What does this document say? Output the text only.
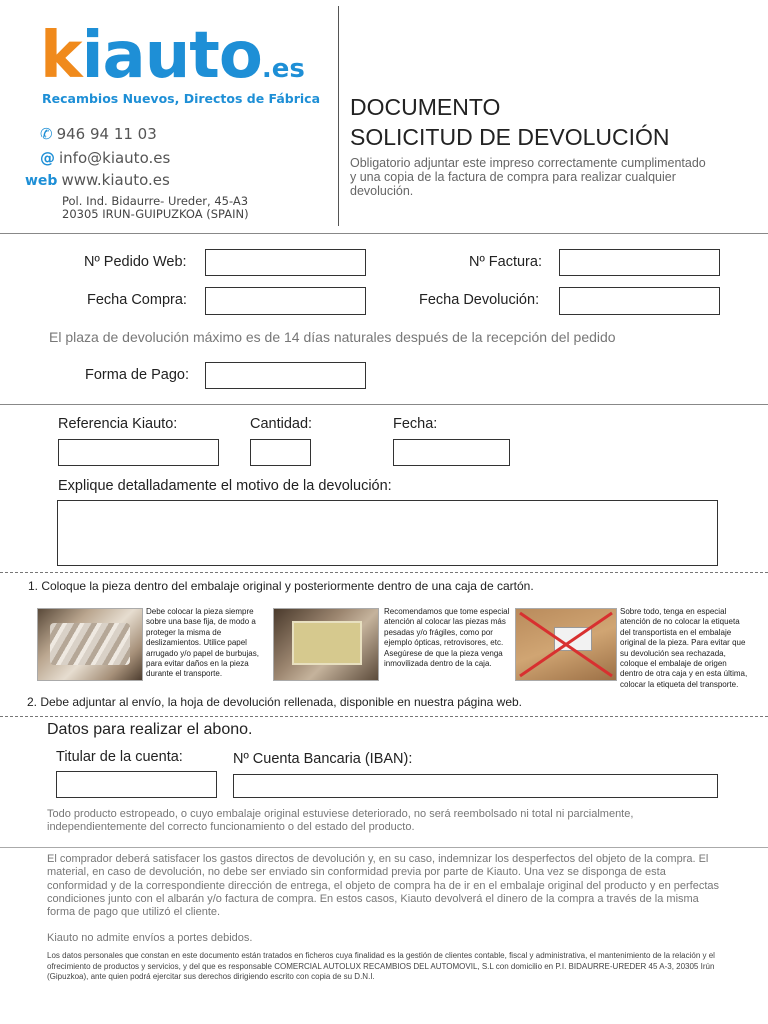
kiauto.es
Recambios Nuevos, Directos de Fábrica
✆ 946 94 11 03
@ info@kiauto.es
web www.kiauto.es
Pol. Ind. Bidaurre- Ureder, 45-A3
20305 IRUN-GUIPUZKOA (SPAIN)
DOCUMENTO
SOLICITUD DE DEVOLUCIÓN
Obligatorio adjuntar este impreso correctamente cumplimentado y una copia de la factura de compra para realizar cualquier devolución.
Nº Pedido Web:	Nº Factura:
Fecha Compra:	Fecha Devolución:
El plaza de devolución máximo es de 14 días naturales después de la recepción del pedido
Forma de Pago:
Referencia Kiauto:	Cantidad:	Fecha:
Explique detalladamente el motivo de la devolución:
1. Coloque la pieza dentro del embalaje original y posteriormente dentro de una caja de cartón.
Debe colocar la pieza siempre sobre una base fija, de modo a proteger la misma de deslizamientos. Utilice papel arrugado y/o papel de burbujas, para evitar daños en la pieza durante el transporte.
Recomendamos que tome especial atención al colocar las piezas más pesadas y/o frágiles, como por ejemplo ópticas, retrovisores, etc. Asegúrese de que la pieza venga inmovilizada dentro de la caja.
Sobre todo, tenga en especial atención de no colocar la etiqueta del transportista en el embalaje original de la pieza. Para evitar que su devolución sea rechazada, coloque el embalaje de origen dentro de otra caja y en esta última, colocar la etiqueta del transporte.
2. Debe adjuntar al envío, la hoja de devolución rellenada, disponible en nuestra página web.
Datos para realizar el abono.
Titular de la cuenta:	Nº Cuenta Bancaria (IBAN):
Todo producto estropeado, o cuyo embalaje original estuviese deteriorado, no será reembolsado ni total ni parcialmente, independientemente del correcto funcionamiento o del estado del producto.
El comprador deberá satisfacer los gastos directos de devolución y, en su caso, indemnizar los desperfectos del objeto de la compra. El material, en caso de devolución, no debe ser enviado sin conformidad previa por parte de Kiauto. Una vez se disponga de esta conformidad y de la correspondiente dirección de entrega, el objeto de compra ha de ir en el embalaje original del producto y en perfectas condiciones junto con el albarán y/o factura de compra. En estos casos, Kiauto devolverá el dinero de la compra a través de la misma forma de pago que utilizó el cliente.
Kiauto no admite envíos a portes debidos.
Los datos personales que constan en este documento están tratados en ficheros cuya finalidad es la gestión de clientes contable, fiscal y administrativa, el mantenimiento de la relación y el ofrecimiento de productos y servicios, y del que es responsable COMERCIAL AUTOLUX RECAMBIOS DEL AUTOMOVIL, S.L con domicilio en P.I. BIDAURRE-UREDER 45 A-3, 20305 Irún (Gipuzkoa), ante quien podrá ejercitar sus derechos dirigiendo escrito con copia de su D.N.I.
